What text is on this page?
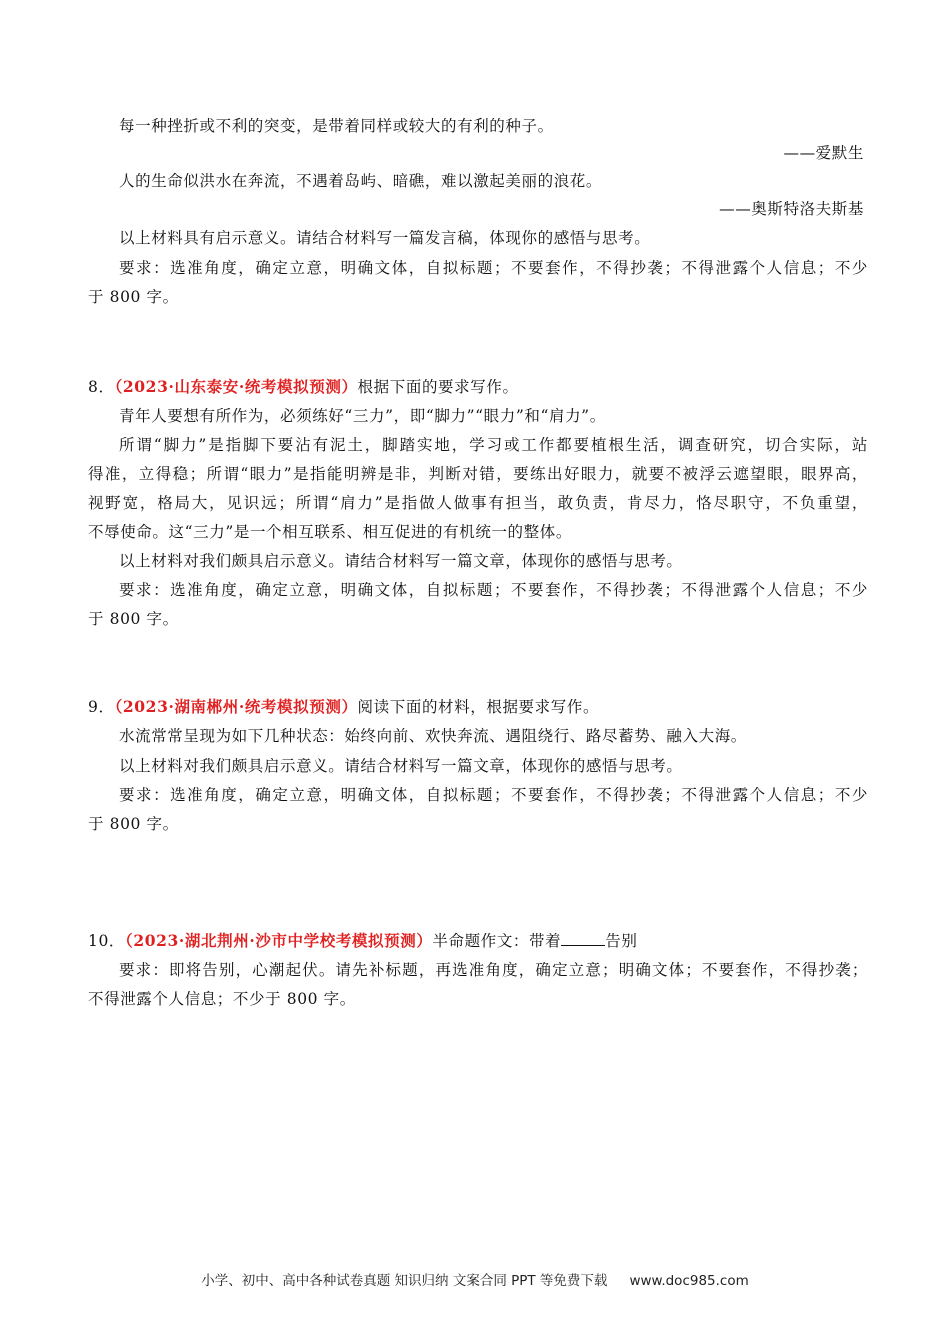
每一种挫折或不利的突变，是带着同样或较大的有利的种子。
——爱默生
人的生命似洪水在奔流，不遇着岛屿、暗礁，难以激起美丽的浪花。
——奥斯特洛夫斯基
以上材料具有启示意义。请结合材料写一篇发言稿，体现你的感悟与思考。
要求：选准角度，确定立意，明确文体，自拟标题；不要套作，不得抄袭；不得泄露个人信息；不少
于 800 字。
8．（2023·山东泰安·统考模拟预测）根据下面的要求写作。
青年人要想有所作为，必须练好“三力”，即“脚力”“眼力”和“肩力”。
所谓“脚力”是指脚下要沾有泥土，脚踏实地，学习或工作都要植根生活，调查研究，切合实际，站
得准，立得稳；所谓“眼力”是指能明辨是非，判断对错，要练出好眼力，就要不被浮云遮望眼，眼界高，
视野宽，格局大，见识远；所谓“肩力”是指做人做事有担当，敢负责，肯尽力，恪尽职守，不负重望，
不辱使命。这“三力”是一个相互联系、相互促进的有机统一的整体。
以上材料对我们颇具启示意义。请结合材料写一篇文章，体现你的感悟与思考。
要求：选准角度，确定立意，明确文体，自拟标题；不要套作，不得抄袭；不得泄露个人信息；不少
于 800 字。
9．（2023·湖南郴州·统考模拟预测）阅读下面的材料，根据要求写作。
水流常常呈现为如下几种状态：始终向前、欢快奔流、遇阻绕行、路尽蓄势、融入大海。
以上材料对我们颇具启示意义。请结合材料写一篇文章，体现你的感悟与思考。
要求：选准角度，确定立意，明确文体，自拟标题；不要套作，不得抄袭；不得泄露个人信息；不少
于 800 字。
10．（2023·湖北荆州·沙市中学校考模拟预测）半命题作文：带着	告别
要求：即将告别，心潮起伏。请先补标题，再选准角度，确定立意；明确文体；不要套作，不得抄袭；
不得泄露个人信息；不少于 800 字。
小学、初中、高中各种试卷真题 知识归纳 文案合同 PPT 等免费下载 www.doc985.com
